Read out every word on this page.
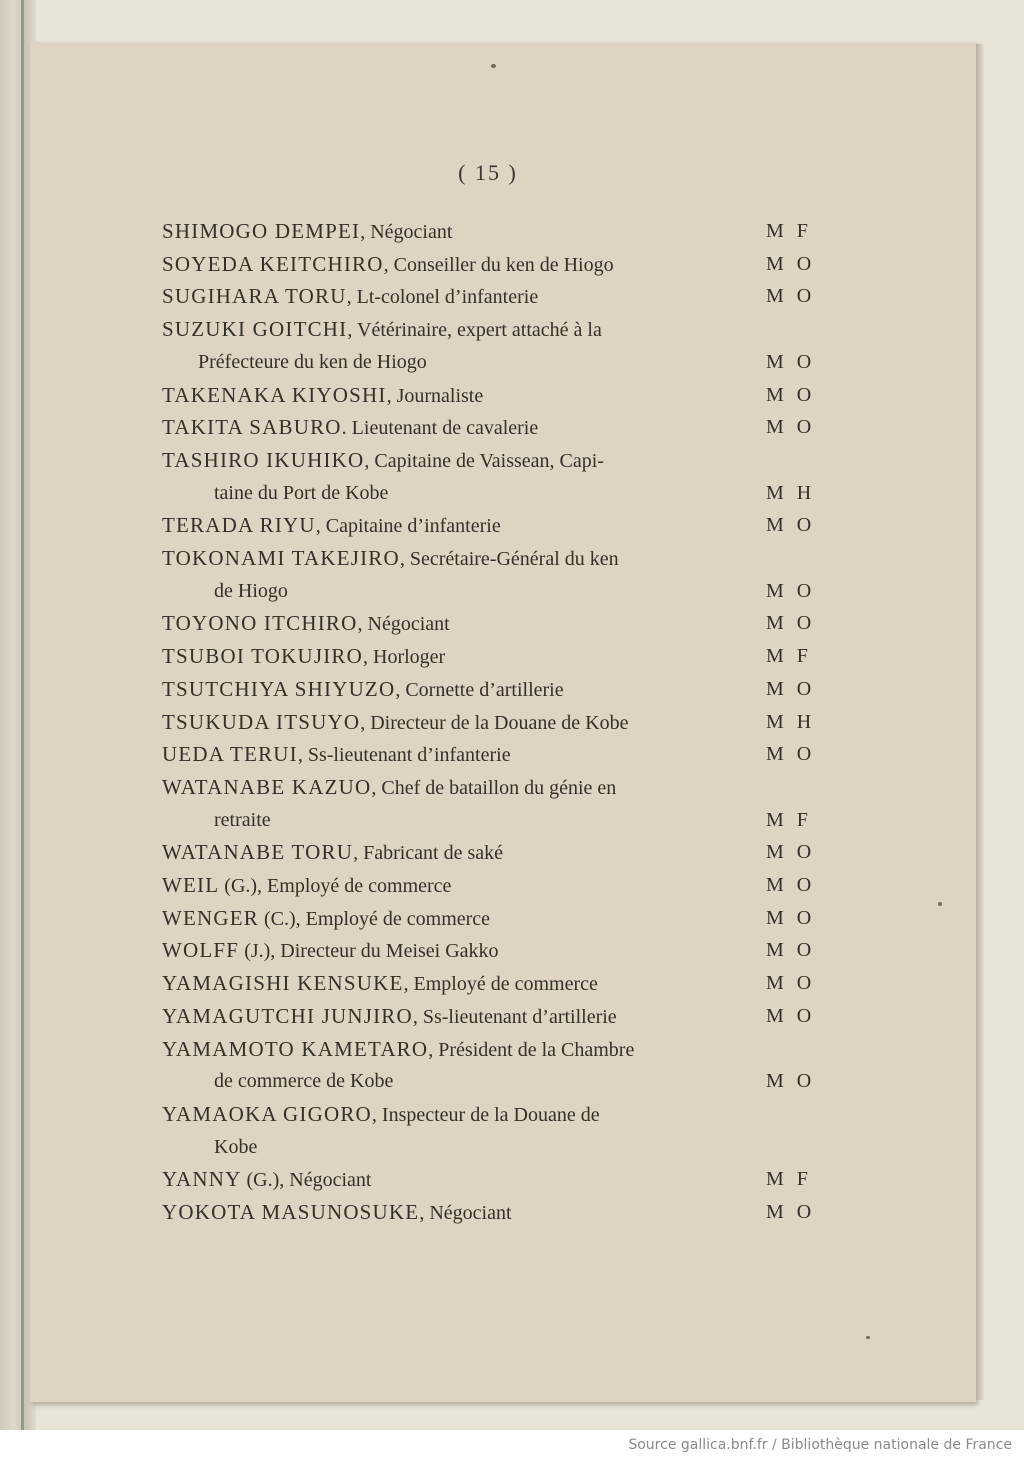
( 15 )
SHIMOGO DEMPEI, Négociant	M F
SOYEDA KEITCHIRO, Conseiller du ken de Hiogo	M O
SUGIHARA TORU, Lt-colonel d’infanterie	M O
SUZUKI GOITCHI, Vétérinaire, expert attaché à la
Préfecteure du ken de Hiogo	M O
TAKENAKA KIYOSHI, Journaliste	M O
TAKITA SABURO. Lieutenant de cavalerie	M O
TASHIRO IKUHIKO, Capitaine de Vaissean, Capi-
taine du Port de Kobe	M H
TERADA RIYU, Capitaine d’infanterie	M O
TOKONAMI TAKEJIRO, Secrétaire-Général du ken
de Hiogo	M O
TOYONO ITCHIRO, Négociant	M O
TSUBOI TOKUJIRO, Horloger	M F
TSUTCHIYA SHIYUZO, Cornette d’artillerie	M O
TSUKUDA ITSUYO, Directeur de la Douane de Kobe	M H
UEDA TERUI, Ss-lieutenant d’infanterie	M O
WATANABE KAZUO, Chef de bataillon du génie en
retraite	M F
WATANABE TORU, Fabricant de saké	M O
WEIL (G.), Employé de commerce	M O
WENGER (C.), Employé de commerce	M O
WOLFF (J.), Directeur du Meisei Gakko	M O
YAMAGISHI KENSUKE, Employé de commerce	M O
YAMAGUTCHI JUNJIRO, Ss-lieutenant d’artillerie	M O
YAMAMOTO KAMETARO, Président de la Chambre
de commerce de Kobe	M O
YAMAOKA GIGORO, Inspecteur de la Douane de
Kobe
YANNY (G.), Négociant	M F
YOKOTA MASUNOSUKE, Négociant	M O
Source gallica.bnf.fr / Bibliothèque nationale de France
